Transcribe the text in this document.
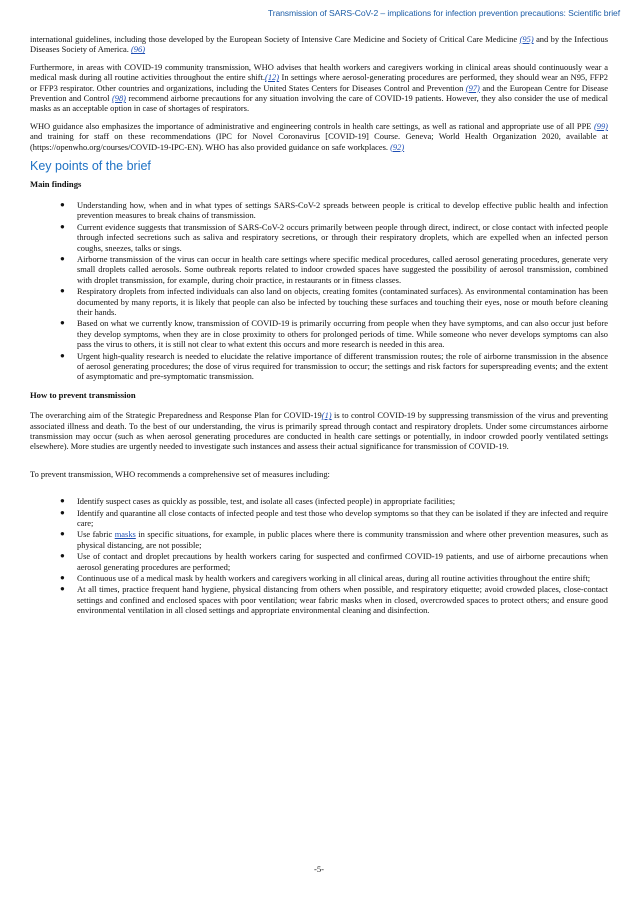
Transmission of SARS-CoV-2 – implications for infection prevention precautions: Scientific brief

international guidelines, including those developed by the European Society of Intensive Care Medicine and Society of Critical Care Medicine (95) and by the Infectious Diseases Society of America. (96)

Furthermore, in areas with COVID-19 community transmission, WHO advises that health workers and caregivers working in clinical areas should continuously wear a medical mask during all routine activities throughout the entire shift.(12) In settings where aerosol-generating procedures are performed, they should wear an N95, FFP2 or FFP3 respirator. Other countries and organizations, including the United States Centers for Diseases Control and Prevention (97) and the European Centre for Disease Prevention and Control (98) recommend airborne precautions for any situation involving the care of COVID-19 patients. However, they also consider the use of medical masks as an acceptable option in case of shortages of respirators.

WHO guidance also emphasizes the importance of administrative and engineering controls in health care settings, as well as rational and appropriate use of all PPE (99) and training for staff on these recommendations (IPC for Novel Coronavirus [COVID-19] Course. Geneva; World Health Organization 2020, available at (https://openwho.org/courses/COVID-19-IPC-EN). WHO has also provided guidance on safe workplaces. (92)

Key points of the brief
Main findings
● Understanding how, when and in what types of settings SARS-CoV-2 spreads between people is critical to develop effective public health and infection prevention measures to break chains of transmission.
● Current evidence suggests that transmission of SARS-CoV-2 occurs primarily between people through direct, indirect, or close contact with infected people through infected secretions such as saliva and respiratory secretions, or through their respiratory droplets, which are expelled when an infected person coughs, sneezes, talks or sings.
● Airborne transmission of the virus can occur in health care settings where specific medical procedures, called aerosol generating procedures, generate very small droplets called aerosols. Some outbreak reports related to indoor crowded spaces have suggested the possibility of aerosol transmission, combined with droplet transmission, for example, during choir practice, in restaurants or in fitness classes.
● Respiratory droplets from infected individuals can also land on objects, creating fomites (contaminated surfaces). As environmental contamination has been documented by many reports, it is likely that people can also be infected by touching these surfaces and touching their eyes, nose or mouth before cleaning their hands.
● Based on what we currently know, transmission of COVID-19 is primarily occurring from people when they have symptoms, and can also occur just before they develop symptoms, when they are in close proximity to others for prolonged periods of time. While someone who never develops symptoms can also pass the virus to others, it is still not clear to what extent this occurs and more research is needed in this area.
● Urgent high-quality research is needed to elucidate the relative importance of different transmission routes; the role of airborne transmission in the absence of aerosol generating procedures; the dose of virus required for transmission to occur; the settings and risk factors for superspreading events; and the extent of asymptomatic and pre-symptomatic transmission.
How to prevent transmission

The overarching aim of the Strategic Preparedness and Response Plan for COVID-19(1) is to control COVID-19 by suppressing transmission of the virus and preventing associated illness and death. To the best of our understanding, the virus is primarily spread through contact and respiratory droplets. Under some circumstances airborne transmission may occur (such as when aerosol generating procedures are conducted in health care settings or potentially, in indoor crowded poorly ventilated settings elsewhere). More studies are urgently needed to investigate such instances and assess their actual significance for transmission of COVID-19.

To prevent transmission, WHO recommends a comprehensive set of measures including:

● Identify suspect cases as quickly as possible, test, and isolate all cases (infected people) in appropriate facilities;
● Identify and quarantine all close contacts of infected people and test those who develop symptoms so that they can be isolated if they are infected and require care;
● Use fabric masks in specific situations, for example, in public places where there is community transmission and where other prevention measures, such as physical distancing, are not possible;
● Use of contact and droplet precautions by health workers caring for suspected and confirmed COVID-19 patients, and use of airborne precautions when aerosol generating procedures are performed;
● Continuous use of a medical mask by health workers and caregivers working in all clinical areas, during all routine activities throughout the entire shift;
● At all times, practice frequent hand hygiene, physical distancing from others when possible, and respiratory etiquette; avoid crowded places, close-contact settings and confined and enclosed spaces with poor ventilation; wear fabric masks when in closed, overcrowded spaces to protect others; and ensure good environmental ventilation in all closed settings and appropriate environmental cleaning and disinfection.
-5-
